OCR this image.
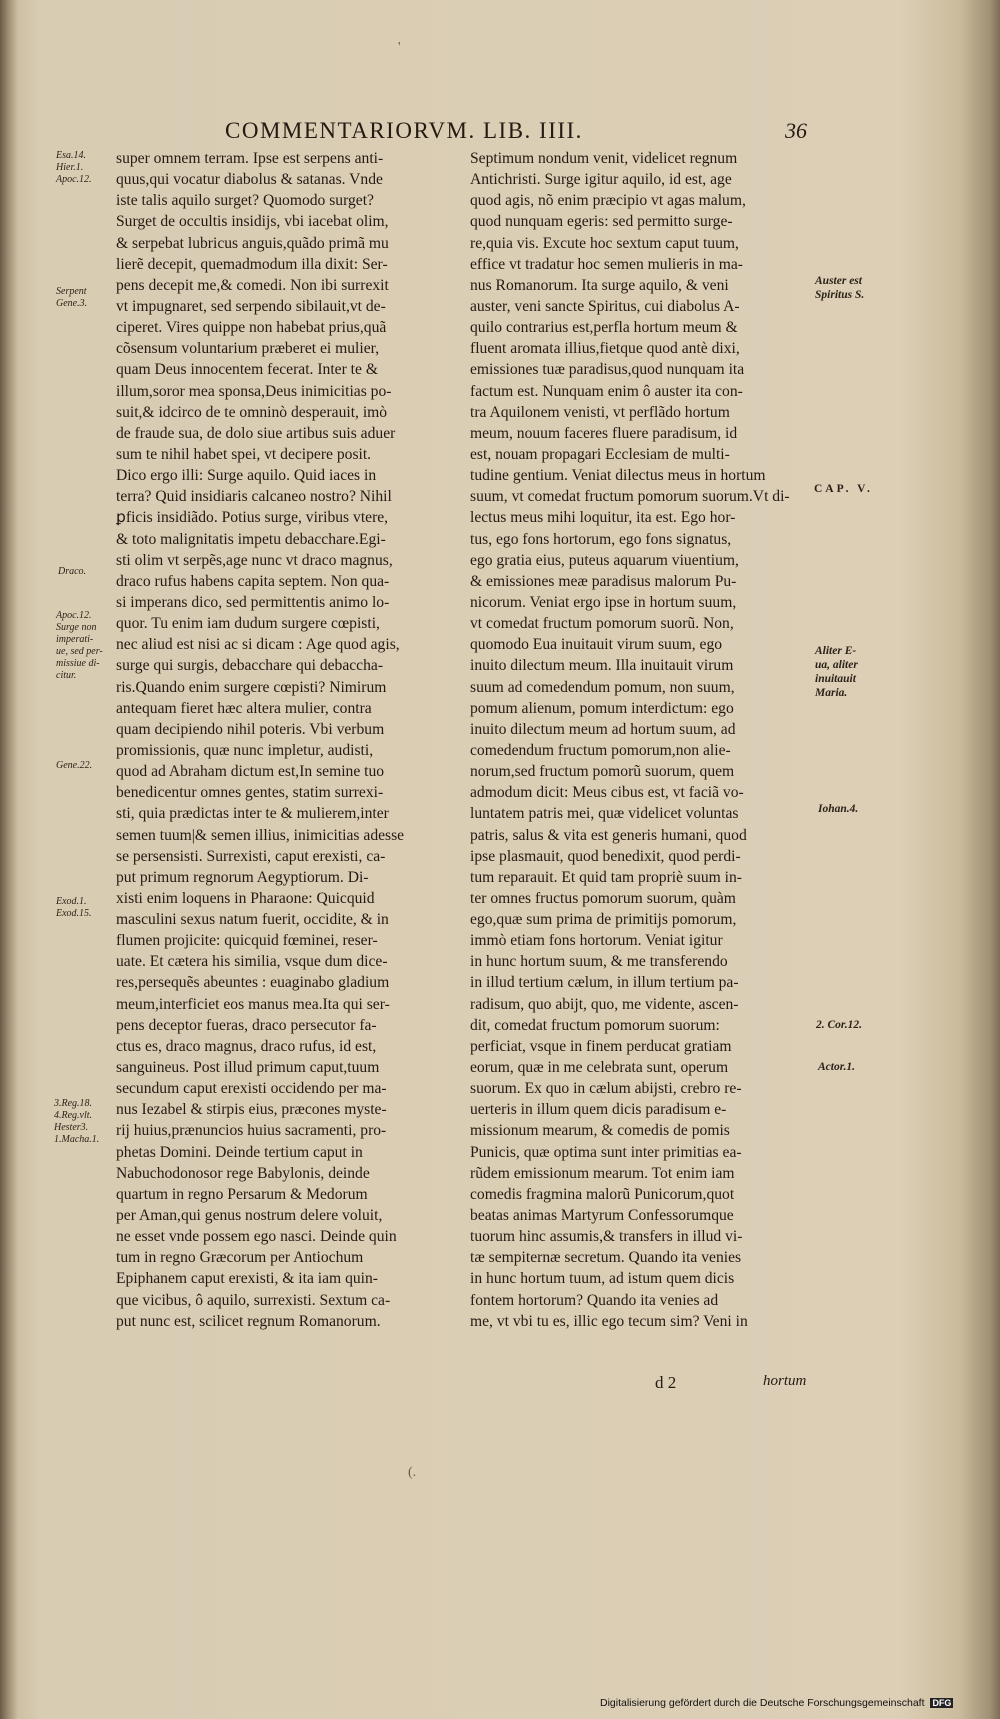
'
(.
COMMENTARIORVM. LIB. IIII.	36
super omnem terram. Ipse est serpens anti-
quus,qui vocatur diabolus & satanas. Vnde
iste talis aquilo surget? Quomodo surget?
Surget de occultis insidijs, vbi iacebat olim,
& serpebat lubricus anguis,quãdo primã mu
lierẽ decepit, quemadmodum illa dixit: Ser-
pens decepit me,& comedi. Non ibi surrexit
vt impugnaret, sed serpendo sibilauit,vt de-
ciperet. Vires quippe non habebat prius,quã
cõsensum voluntarium præberet ei mulier,
quam Deus innocentem fecerat. Inter te &
illum,soror mea sponsa,Deus inimicitias po-
suit,& idcirco de te omninò desperauit, imò
de fraude sua, de dolo siue artibus suis aduer
sum te nihil habet spei, vt decipere posit.
Dico ergo illi: Surge aquilo. Quid iaces in
terra? Quid insidiaris calcaneo nostro? Nihil
ꝑficis insidiãdo. Potius surge, viribus vtere,
& toto malignitatis impetu debacchare.Egi-
sti olim vt serpẽs,age nunc vt draco magnus,
draco rufus habens capita septem. Non qua-
si imperans dico, sed permittentis animo lo-
quor. Tu enim iam dudum surgere cœpisti,
nec aliud est nisi ac si dicam : Age quod agis,
surge qui surgis, debacchare qui debaccha-
ris.Quando enim surgere cœpisti? Nimirum
antequam fieret hæc altera mulier, contra
quam decipiendo nihil poteris. Vbi verbum
promissionis, quæ nunc impletur, audisti,
quod ad Abraham dictum est,In semine tuo
benedicentur omnes gentes, statim surrexi-
sti, quia prædictas inter te & mulierem,inter
semen tuum|& semen illius, inimicitias adesse
se persensisti. Surrexisti, caput erexisti, ca-
put primum regnorum Aegyptiorum. Di-
xisti enim loquens in Pharaone: Quicquid
masculini sexus natum fuerit, occidite, & in
flumen projicite: quicquid fœminei, reser-
uate. Et cætera his similia, vsque dum dice-
res,persequẽs abeuntes : euaginabo gladium
meum,interficiet eos manus mea.Ita qui ser-
pens deceptor fueras, draco persecutor fa-
ctus es, draco magnus, draco rufus, id est,
sanguineus. Post illud primum caput,tuum
secundum caput erexisti occidendo per ma-
nus Iezabel & stirpis eius, præcones myste-
rij huius,prænuncios huius sacramenti, pro-
phetas Domini. Deinde tertium caput in
Nabuchodonosor rege Babylonis, deinde
quartum in regno Persarum & Medorum
per Aman,qui genus nostrum delere voluit,
ne esset vnde possem ego nasci. Deinde quin
tum in regno Græcorum per Antiochum
Epiphanem caput erexisti, & ita iam quin-
que vicibus, ô aquilo, surrexisti. Sextum ca-
put nunc est, scilicet regnum Romanorum.
Septimum nondum venit, videlicet regnum
Antichristi. Surge igitur aquilo, id est, age
quod agis, nõ enim præcipio vt agas malum,
quod nunquam egeris: sed permitto surge-
re,quia vis. Excute hoc sextum caput tuum,
effice vt tradatur hoc semen mulieris in ma-
nus Romanorum. Ita surge aquilo, & veni
auster, veni sancte Spiritus, cui diabolus A-
quilo contrarius est,perfla hortum meum &
fluent aromata illius,fietque quod antè dixi,
emissiones tuæ paradisus,quod nunquam ita
factum est. Nunquam enim ô auster ita con-
tra Aquilonem venisti, vt perflãdo hortum
meum, nouum faceres fluere paradisum, id
est, nouam propagari Ecclesiam de multi-
tudine gentium. Veniat dilectus meus in hortum
suum, vt comedat fructum pomorum suorum.Vt di-
lectus meus mihi loquitur, ita est. Ego hor-
tus, ego fons hortorum, ego fons signatus,
ego gratia eius, puteus aquarum viuentium,
& emissiones meæ paradisus malorum Pu-
nicorum. Veniat ergo ipse in hortum suum,
vt comedat fructum pomorum suorũ. Non,
quomodo Eua inuitauit virum suum, ego
inuito dilectum meum. Illa inuitauit virum
suum ad comedendum pomum, non suum,
pomum alienum, pomum interdictum: ego
inuito dilectum meum ad hortum suum, ad
comedendum fructum pomorum,non alie-
norum,sed fructum pomorũ suorum, quem
admodum dicit: Meus cibus est, vt faciã vo-
luntatem patris mei, quæ videlicet voluntas
patris, salus & vita est generis humani, quod
ipse plasmauit, quod benedixit, quod perdi-
tum reparauit. Et quid tam propriè suum in-
ter omnes fructus pomorum suorum, quàm
ego,quæ sum prima de primitijs pomorum,
immò etiam fons hortorum. Veniat igitur
in hunc hortum suum, & me transferendo
in illud tertium cælum, in illum tertium pa-
radisum, quo abijt, quo, me vidente, ascen-
dit, comedat fructum pomorum suorum:
perficiat, vsque in finem perducat gratiam
eorum, quæ in me celebrata sunt, operum
suorum. Ex quo in cælum abijsti, crebro re-
uerteris in illum quem dicis paradisum e-
missionum mearum, & comedis de pomis
Punicis, quæ optima sunt inter primitias ea-
rũdem emissionum mearum. Tot enim iam
comedis fragmina malorũ Punicorum,quot
beatas animas Martyrum Confessorumque
tuorum hinc assumis,& transfers in illud vi-
tæ sempiternæ secretum. Quando ita venies
in hunc hortum tuum, ad istum quem dicis
fontem hortorum? Quando ita venies ad
me, vt vbi tu es, illic ego tecum sim? Veni in
Esa.14.
Hier.1.
Apoc.12.
Serpent
Gene.3.
Draco.
Apoc.12.
Surge non
imperati-
ue, sed per-
missiue di-
citur.
Gene.22.
Exod.1.
Exod.15.
3.Reg.18.
4.Reg.vlt.
Hester3.
1.Macha.1.
Auster est
Spiritus S.
CAP. V.
Aliter E-
ua, aliter
inuitauit
Maria.
Iohan.4.
2. Cor.12.
Actor.1.
d 2	hortum
Digitalisierung gefördert durch die Deutsche Forschungsgemeinschaft DFG
